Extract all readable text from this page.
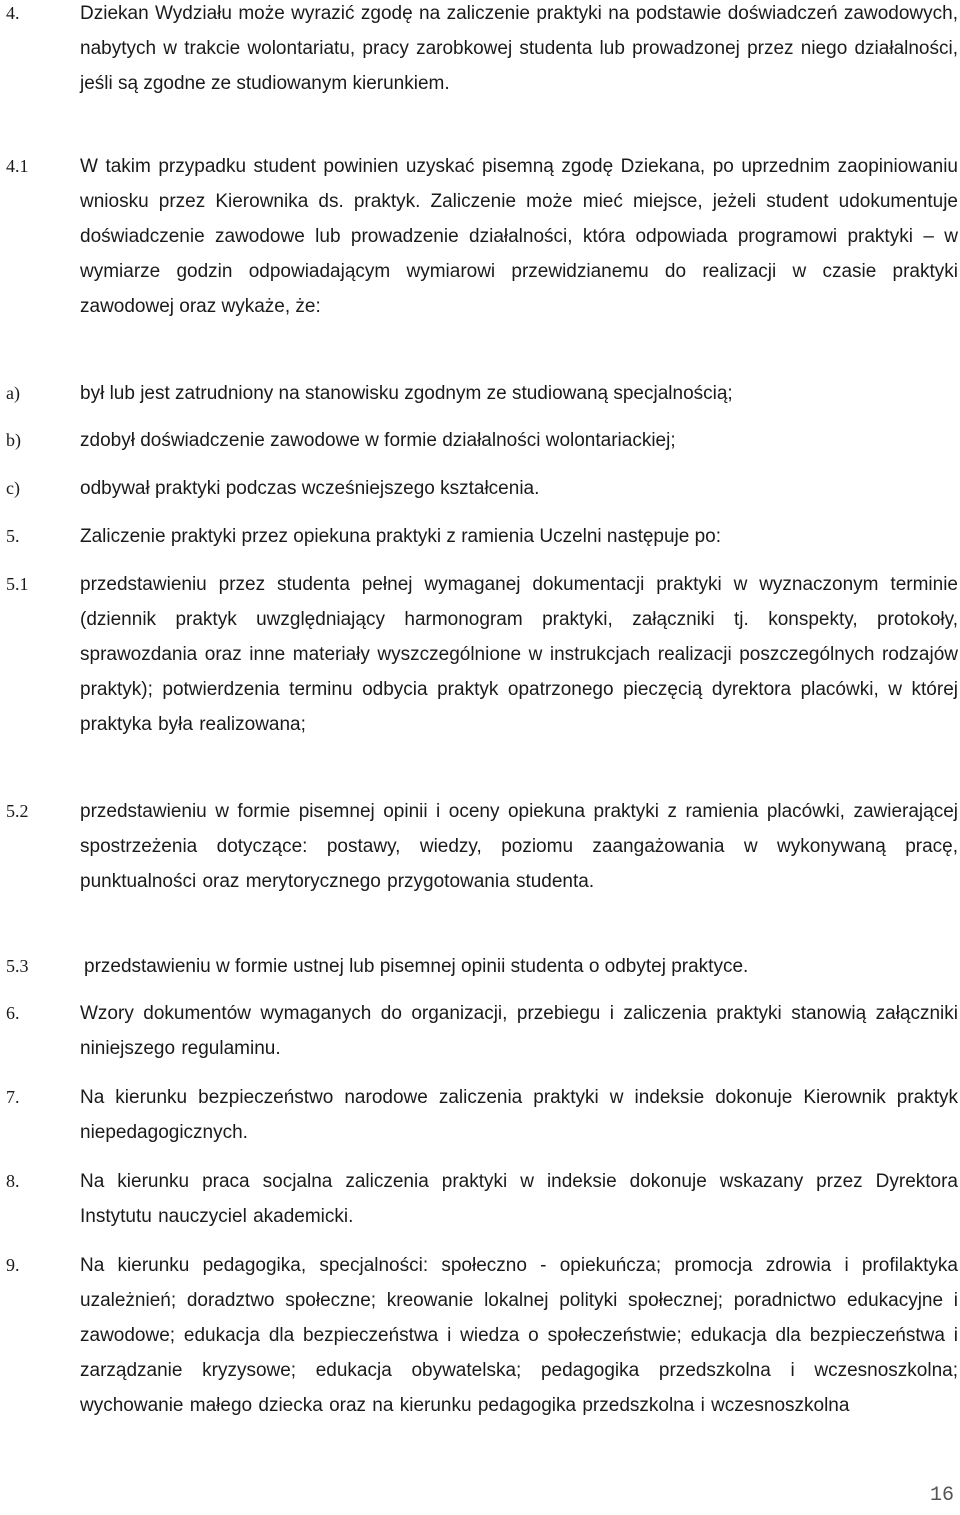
4.	Dziekan Wydziału może wyrazić zgodę na zaliczenie praktyki na podstawie doświadczeń zawodowych, nabytych w trakcie wolontariatu, pracy zarobkowej studenta lub prowadzonej przez niego działalności, jeśli są zgodne ze studiowanym kierunkiem.
4.1	W takim przypadku student powinien uzyskać pisemną zgodę Dziekana, po uprzednim zaopiniowaniu wniosku przez Kierownika ds. praktyk. Zaliczenie może mieć miejsce, jeżeli student udokumentuje doświadczenie zawodowe lub prowadzenie działalności, która odpowiada programowi praktyki – w wymiarze godzin odpowiadającym wymiarowi przewidzianemu do realizacji w czasie praktyki zawodowej oraz wykaże, że:
a)	był lub jest zatrudniony na stanowisku zgodnym ze studiowaną specjalnością;
b)	zdobył doświadczenie zawodowe w formie działalności wolontariackiej;
c)	odbywał praktyki podczas wcześniejszego kształcenia.
5.	Zaliczenie praktyki przez opiekuna praktyki z ramienia Uczelni następuje po:
5.1	przedstawieniu przez studenta pełnej wymaganej dokumentacji praktyki w wyznaczonym terminie (dziennik praktyk uwzględniający harmonogram praktyki, załączniki tj. konspekty, protokoły, sprawozdania oraz inne materiały wyszczególnione w instrukcjach realizacji poszczególnych rodzajów praktyk); potwierdzenia terminu odbycia praktyk opatrzonego pieczęcią dyrektora placówki, w której praktyka była realizowana;
5.2	przedstawieniu w formie pisemnej opinii i oceny opiekuna praktyki z ramienia placówki, zawierającej spostrzeżenia dotyczące: postawy, wiedzy, poziomu zaangażowania w wykonywaną pracę, punktualności oraz merytorycznego przygotowania studenta.
5.3	przedstawieniu w formie ustnej lub pisemnej opinii studenta o odbytej praktyce.
6.	Wzory dokumentów wymaganych do organizacji, przebiegu i zaliczenia praktyki stanowią załączniki niniejszego regulaminu.
7.	Na kierunku bezpieczeństwo narodowe zaliczenia praktyki w indeksie dokonuje Kierownik praktyk niepedagogicznych.
8.	Na kierunku praca socjalna zaliczenia praktyki w indeksie dokonuje wskazany przez Dyrektora Instytutu nauczyciel akademicki.
9.	Na kierunku pedagogika, specjalności: społeczno - opiekuńcza; promocja zdrowia i profilaktyka uzależnień; doradztwo społeczne; kreowanie lokalnej polityki społecznej; poradnictwo edukacyjne i zawodowe; edukacja dla bezpieczeństwa i wiedza o społeczeństwie; edukacja dla bezpieczeństwa i zarządzanie kryzysowe; edukacja obywatelska; pedagogika przedszkolna i wczesnoszkolna; wychowanie małego dziecka oraz na kierunku pedagogika przedszkolna i wczesnoszkolna
16
